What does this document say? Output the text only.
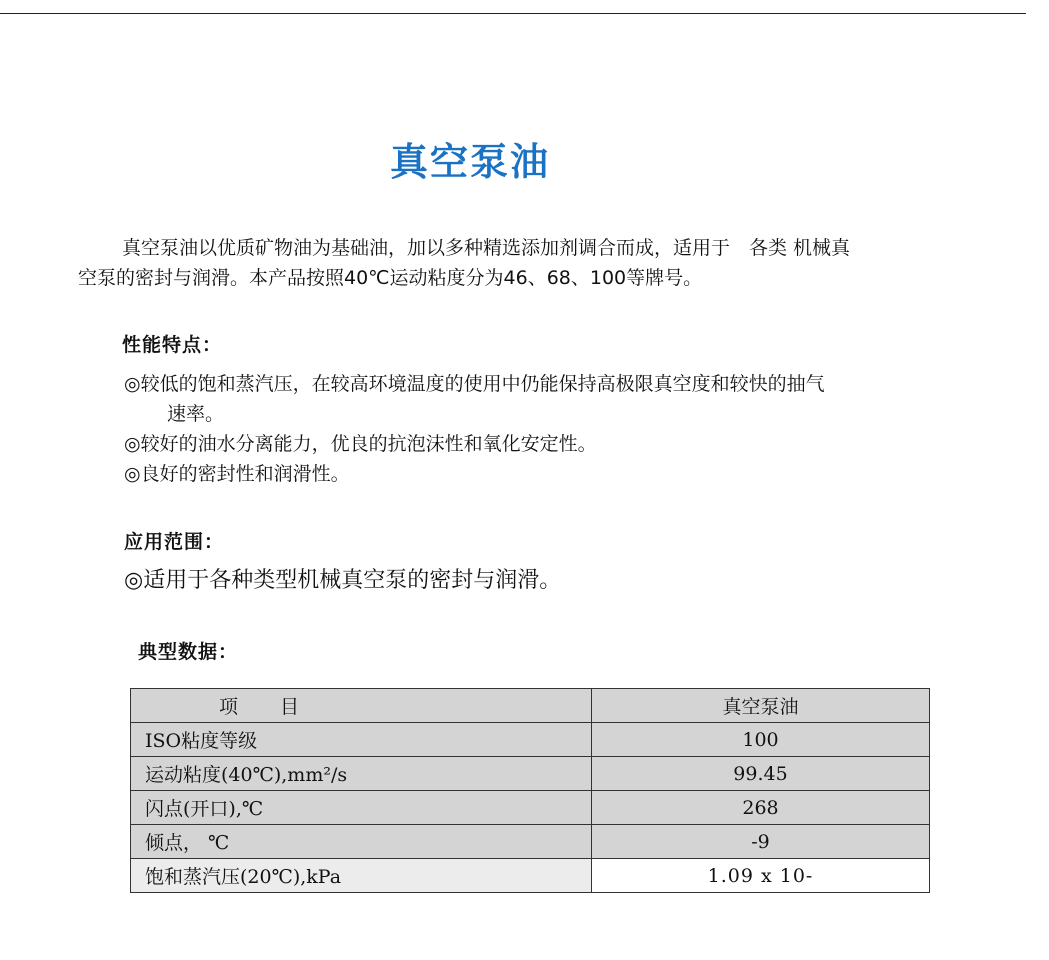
真空泵油

真空泵油以优质矿物油为基础油，加以多种精选添加剂调合而成，适用于　各类 机械真
空泵的密封与润滑。本产品按照40℃运动粘度分为46、68、100等牌号。

性能特点：
◎较低的饱和蒸汽压，在较高环境温度的使用中仍能保持高极限真空度和较快的抽气
速率。
◎较好的油水分离能力，优良的抗泡沫性和氧化安定性。
◎良好的密封性和润滑性。
应用范围：

◎适用于各种类型机械真空泵的密封与润滑。

典型数据：
项 目	真空泵油
ISO粘度等级	100
运动粘度(40℃),mm²/s	99.45
闪点(开口),℃	268
倾点， ℃	-9
饱和蒸汽压(20℃),kPa	1.09 x 10-
